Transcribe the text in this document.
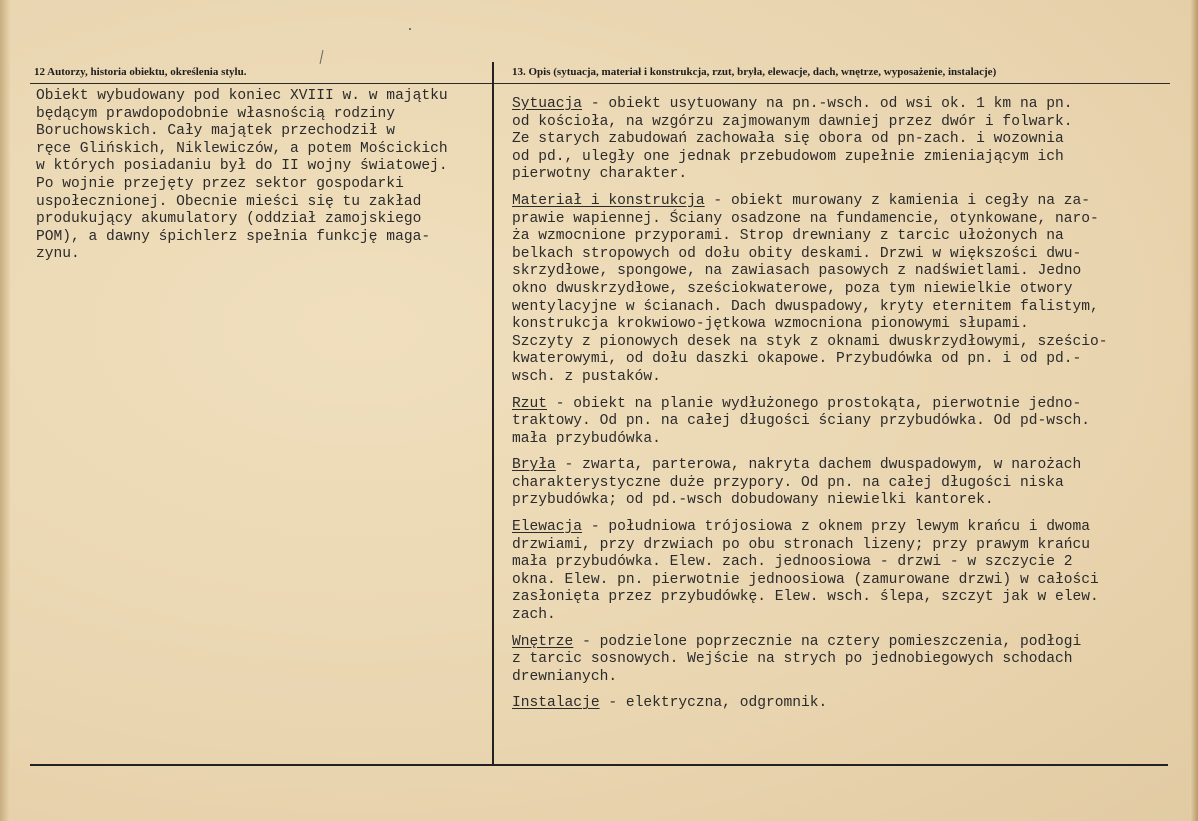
12 Autorzy, historia obiektu, określenia stylu.	13. Opis (sytuacja, materiał i konstrukcja, rzut, bryła, elewacje, dach, wnętrze, wyposażenie, instalacje)
Obiekt wybudowany pod koniec XVIII w. w majątku
będącym prawdopodobnie własnością rodziny
Boruchowskich. Cały majątek przechodził w
ręce Glińskich, Niklewiczów, a potem Mościckich
w których posiadaniu był do II wojny światowej.
Po wojnie przejęty przez sektor gospodarki
uspołecznionej. Obecnie mieści się tu zakład
produkujący akumulatory (oddział zamojskiego
POM), a dawny śpichlerz spełnia funkcję maga-
zynu.
Sytuacja - obiekt usytuowany na pn.-wsch. od wsi ok. 1 km na pn.
od kościoła, na wzgórzu zajmowanym dawniej przez dwór i folwark.
Ze starych zabudowań zachowała się obora od pn-zach. i wozownia
od pd., uległy one jednak przebudowom zupełnie zmieniającym ich
pierwotny charakter.
Materiał i konstrukcja - obiekt murowany z kamienia i cegły na za-
prawie wapiennej. Ściany osadzone na fundamencie, otynkowane, naro-
ża wzmocnione przyporami. Strop drewniany z tarcic ułożonych na
belkach stropowych od dołu obity deskami. Drzwi w większości dwu-
skrzydłowe, spongowe, na zawiasach pasowych z nadświetlami. Jedno
okno dwuskrzydłowe, sześciokwaterowe, poza tym niewielkie otwory
wentylacyjne w ścianach. Dach dwuspadowy, kryty eternitem falistym,
konstrukcja krokwiowo-jętkowa wzmocniona pionowymi słupami.
Szczyty z pionowych desek na styk z oknami dwuskrzydłowymi, sześcio-
kwaterowymi, od dołu daszki okapowe. Przybudówka od pn. i od pd.-
wsch. z pustaków.
Rzut - obiekt na planie wydłużonego prostokąta, pierwotnie jedno-
traktowy. Od pn. na całej długości ściany przybudówka. Od pd-wsch.
mała przybudówka.
Bryła - zwarta, parterowa, nakryta dachem dwuspadowym, w narożach
charakterystyczne duże przypory. Od pn. na całej długości niska
przybudówka; od pd.-wsch dobudowany niewielki kantorek.
Elewacja - południowa trójosiowa z oknem przy lewym krańcu i dwoma
drzwiami, przy drzwiach po obu stronach lizeny; przy prawym krańcu
mała przybudówka. Elew. zach. jednoosiowa - drzwi - w szczycie 2
okna. Elew. pn. pierwotnie jednoosiowa (zamurowane drzwi) w całości
zasłonięta przez przybudówkę. Elew. wsch. ślepa, szczyt jak w elew.
zach.
Wnętrze - podzielone poprzecznie na cztery pomieszczenia, podłogi
z tarcic sosnowych. Wejście na strych po jednobiegowych schodach
drewnianych.
Instalacje - elektryczna, odgromnik.
